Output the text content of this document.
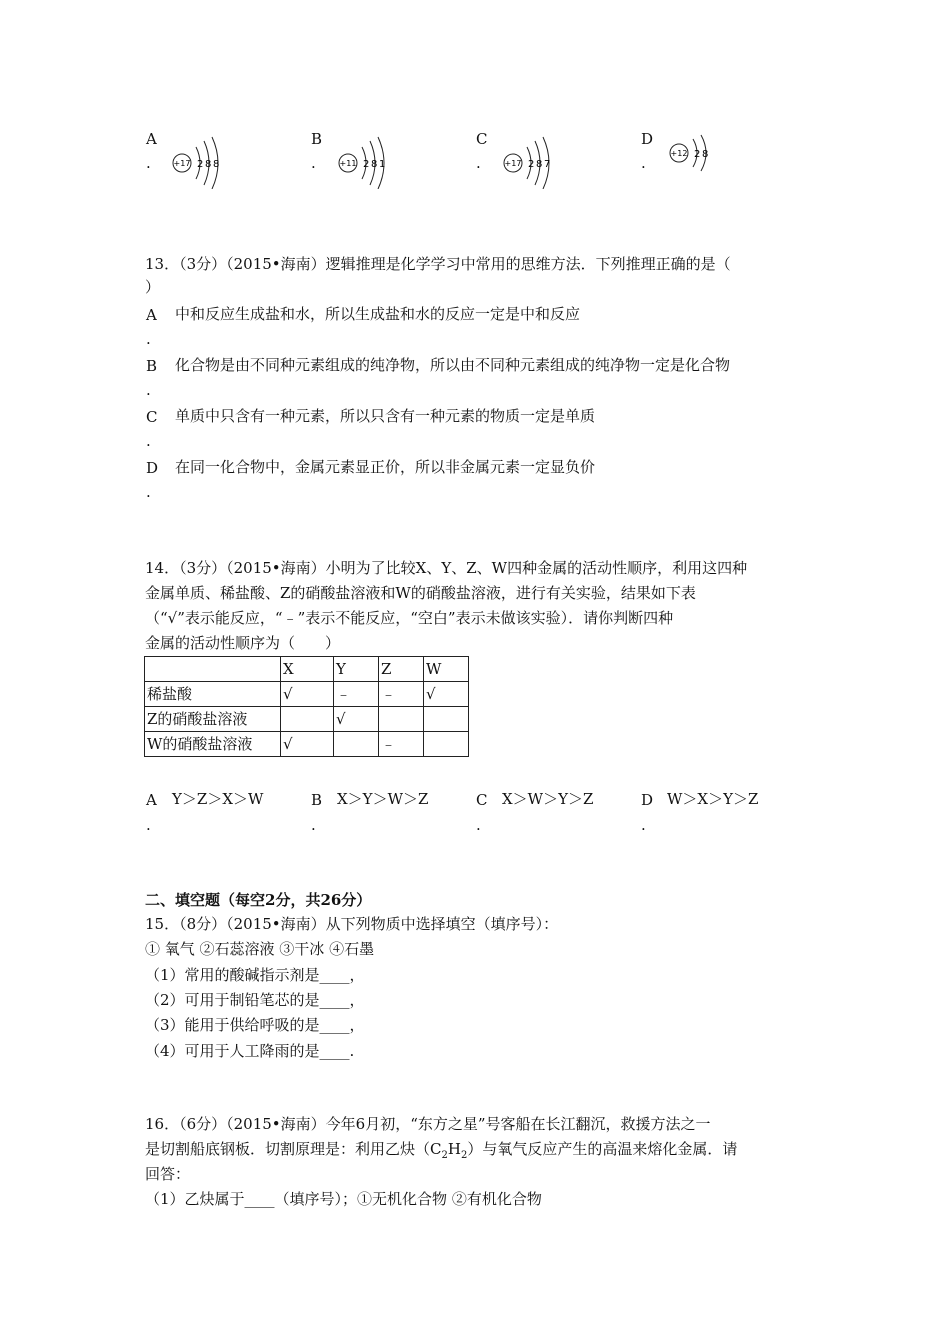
A
.	+17 2 8 8
B
.	+11 2 8 1
C
.	+17 2 8 7
D
.
+12 2 8
13．（3分）（2015•海南）逻辑推理是化学学习中常用的思维方法．下列推理正确的是（
）
A 中和反应生成盐和水，所以生成盐和水的反应一定是中和反应
.
B 化合物是由不同种元素组成的纯净物，所以由不同种元素组成的纯净物一定是化合物
.
C 单质中只含有一种元素，所以只含有一种元素的物质一定是单质
.
D 在同一化合物中，金属元素显正价，所以非金属元素一定显负价
.
14．（3分）（2015•海南）小明为了比较X、Y、Z、W四种金属的活动性顺序，利用这四种
金属单质、稀盐酸、Z的硝酸盐溶液和W的硝酸盐溶液，进行有关实验，结果如下表
（“√”表示能反应，“﹣”表示不能反应，“空白”表示未做该实验）．请你判断四种
金属的活动性顺序为（　　）
	X	Y	Z	W
稀盐酸	√	﹣	﹣	√
Z的硝酸盐溶液		√		
W的硝酸盐溶液	√		﹣	
A Y＞Z＞X＞W
.
B X＞Y＞W＞Z
.
C X＞W＞Y＞Z
.
D W＞X＞Y＞Z
.
二、填空题（每空2分，共26分）
15．（8分）（2015•海南）从下列物质中选择填空（填序号）：
① 氧气 ②石蕊溶液 ③干冰 ④石墨
（1）常用的酸碱指示剂是____，
（2）可用于制铅笔芯的是____，
（3）能用于供给呼吸的是____，
（4）可用于人工降雨的是____.
16．（6分）（2015•海南）今年6月初，“东方之星”号客船在长江翻沉，救援方法之一
是切割船底钢板．切割原理是：利用乙炔$(C_2H_2)$与氧气反应产生的高温来熔化金属．请
回答：
（1）乙炔属于____（填序号）；①无机化合物 ②有机化合物
